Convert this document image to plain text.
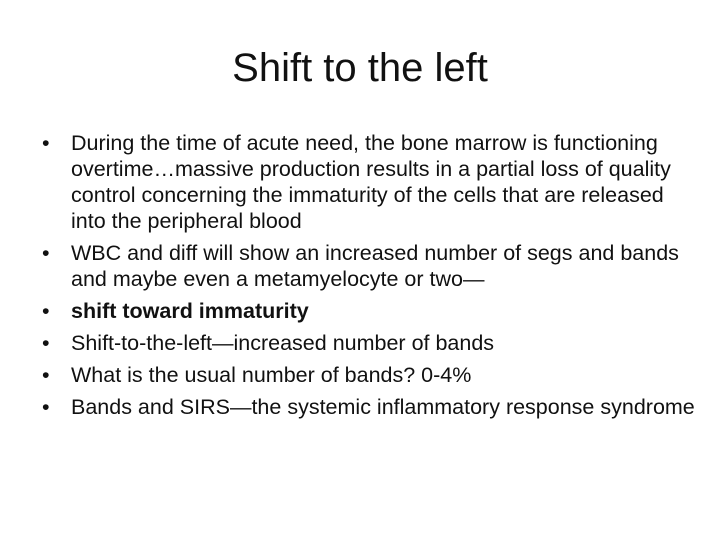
Shift to the left
• During the time of acute need, the bone marrow is functioning overtime…massive production results in a partial loss of quality control concerning the immaturity of the cells that are released into the peripheral blood
• WBC and diff will show an increased number of segs and bands and maybe even a metamyelocyte or two—
• shift toward immaturity
• Shift-to-the-left—increased number of bands
• What is the usual number of bands? 0-4%
• Bands and SIRS—the systemic inflammatory response syndrome
